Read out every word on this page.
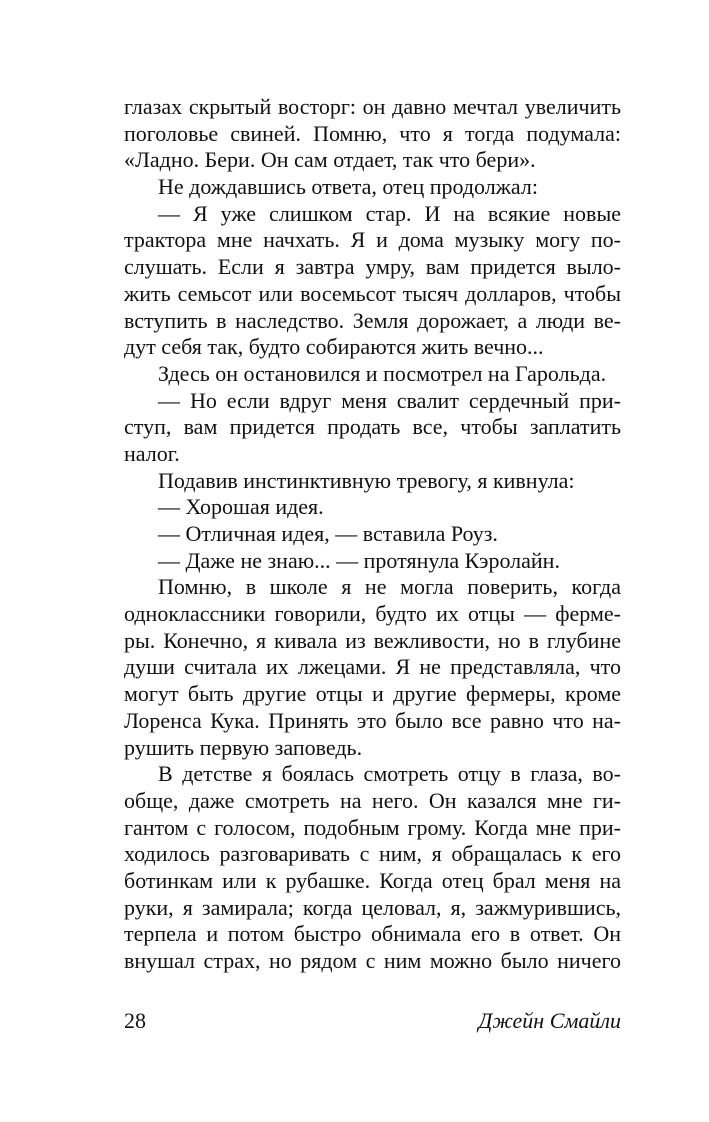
глазах скрытый восторг: он давно мечтал увеличить
поголовье свиней. Помню, что я тогда подумала:
«Ладно. Бери. Он сам отдает, так что бери».
Не дождавшись ответа, отец продолжал:
— Я уже слишком стар. И на всякие новые
трактора мне начхать. Я и дома музыку могу по-
слушать. Если я завтра умру, вам придется выло-
жить семьсот или восемьсот тысяч долларов, чтобы
вступить в наследство. Земля дорожает, а люди ве-
дут себя так, будто собираются жить вечно...
Здесь он остановился и посмотрел на Гарольда.
— Но если вдруг меня свалит сердечный при-
ступ, вам придется продать все, чтобы заплатить
налог.
Подавив инстинктивную тревогу, я кивнула:
— Хорошая идея.
— Отличная идея, — вставила Роуз.
— Даже не знаю... — протянула Кэролайн.
Помню, в школе я не могла поверить, когда
одноклассники говорили, будто их отцы — ферме-
ры. Конечно, я кивала из вежливости, но в глубине
души считала их лжецами. Я не представляла, что
могут быть другие отцы и другие фермеры, кроме
Лоренса Кука. Принять это было все равно что на-
рушить первую заповедь.
В детстве я боялась смотреть отцу в глаза, во-
обще, даже смотреть на него. Он казался мне ги-
гантом с голосом, подобным грому. Когда мне при-
ходилось разговаривать с ним, я обращалась к его
ботинкам или к рубашке. Когда отец брал меня на
руки, я замирала; когда целовал, я, зажмурившись,
терпела и потом быстро обнимала его в ответ. Он
внушал страх, но рядом с ним можно было ничего
28	Джейн Смайли
